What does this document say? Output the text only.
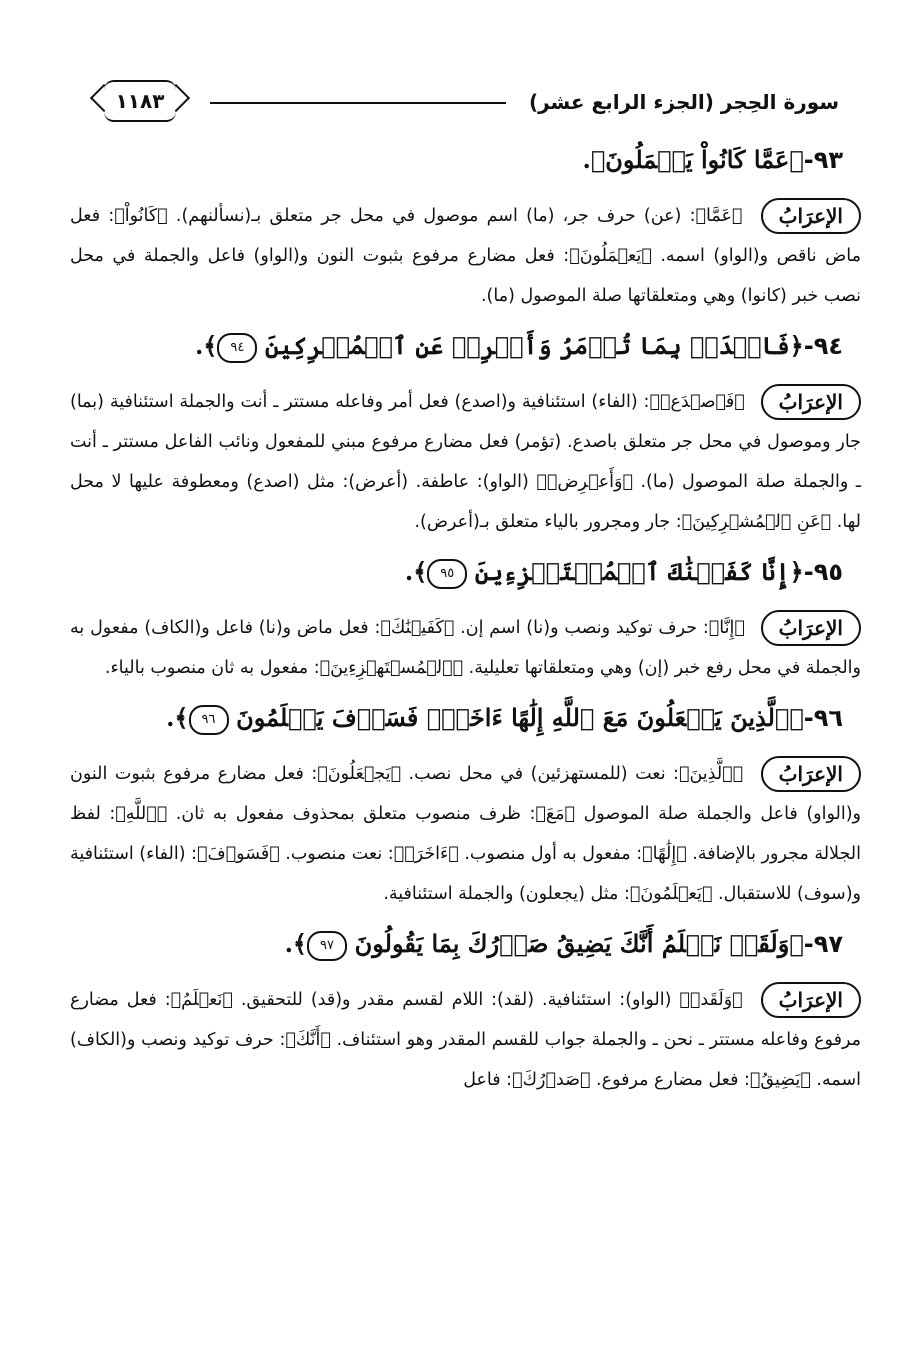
سورة الحِجر (الجزء الرابع عشر)
١١٨٣
٩٣-﴿عَمَّا كَانُواْ يَعۡمَلُونَ﴾.

الإعرَابُ ﴿عَمَّا﴾: (عن) حرف جر، (ما) اسم موصول في محل جر متعلق بـ(نسألنهم). ﴿كَانُواْ﴾: فعل ماض ناقص و(الواو) اسمه. ﴿يَعۡمَلُونَ﴾: فعل مضارع مرفوع بثبوت النون و(الواو) فاعل والجملة في محل نصب خبر (كانوا) وهي ومتعلقاتها صلة الموصول (ما).

٩٤-﴿فَاصۡدَعۡ بِمَا تُؤۡمَرُ وَأَعۡرِضۡ عَنِ ٱلۡمُشۡرِكِينَ ٩٤﴾.

الإعرَابُ ﴿فَٱصۡدَعۡ﴾: (الفاء) استئنافية و(اصدع) فعل أمر وفاعله مستتر ـ أنت والجملة استئنافية (بما) جار وموصول في محل جر متعلق باصدع. (تؤمر) فعل مضارع مرفوع مبني للمفعول ونائب الفاعل مستتر ـ أنت ـ والجملة صلة الموصول (ما). ﴿وَأَعۡرِضۡ﴾ (الواو): عاطفة. (أعرض): مثل (اصدع) ومعطوفة عليها لا محل لها. ﴿عَنِ ٱلۡمُشۡرِكِينَ﴾: جار ومجرور بالياء متعلق بـ(أعرض).

٩٥-﴿إِنَّا كَفَيۡنَٰكَ ٱلۡمُسۡتَهۡزِءِينَ ٩٥﴾.

الإعرَابُ ﴿إِنَّا﴾: حرف توكيد ونصب و(نا) اسم إن. ﴿كَفَيۡنَٰكَ﴾: فعل ماض و(نا) فاعل و(الكاف) مفعول به والجملة في محل رفع خبر (إن) وهي ومتعلقاتها تعليلية. ﴿ٱلۡمُسۡتَهۡزِءِينَ﴾: مفعول به ثان منصوب بالياء.

٩٦-﴿ٱلَّذِينَ يَجۡعَلُونَ مَعَ ٱللَّهِ إِلَٰهًا ءَاخَرَۚ فَسَوۡفَ يَعۡلَمُونَ ٩٦﴾.

الإعرَابُ ﴿ٱلَّذِينَ﴾: نعت (للمستهزئين) في محل نصب. ﴿يَجۡعَلُونَ﴾: فعل مضارع مرفوع بثبوت النون و(الواو) فاعل والجملة صلة الموصول ﴿مَعَ﴾: ظرف منصوب متعلق بمحذوف مفعول به ثان. ﴿ٱللَّهِ﴾: لفظ الجلالة مجرور بالإضافة. ﴿إِلَٰهًا﴾: مفعول به أول منصوب. ﴿ءَاخَرَۚ﴾: نعت منصوب. ﴿فَسَوۡفَ﴾: (الفاء) استئنافية و(سوف) للاستقبال. ﴿يَعۡلَمُونَ﴾: مثل (يجعلون) والجملة استئنافية.

٩٧-﴿وَلَقَدۡ نَعۡلَمُ أَنَّكَ يَضِيقُ صَدۡرُكَ بِمَا يَقُولُونَ ٩٧﴾.

الإعرَابُ ﴿وَلَقَدۡ﴾ (الواو): استئنافية. (لقد): اللام لقسم مقدر و(قد) للتحقيق. ﴿نَعۡلَمُ﴾: فعل مضارع مرفوع وفاعله مستتر ـ نحن ـ والجملة جواب للقسم المقدر وهو استئناف. ﴿أَنَّكَ﴾: حرف توكيد ونصب و(الكاف) اسمه. ﴿يَضِيقُ﴾: فعل مضارع مرفوع. ﴿صَدۡرُكَ﴾: فاعل
